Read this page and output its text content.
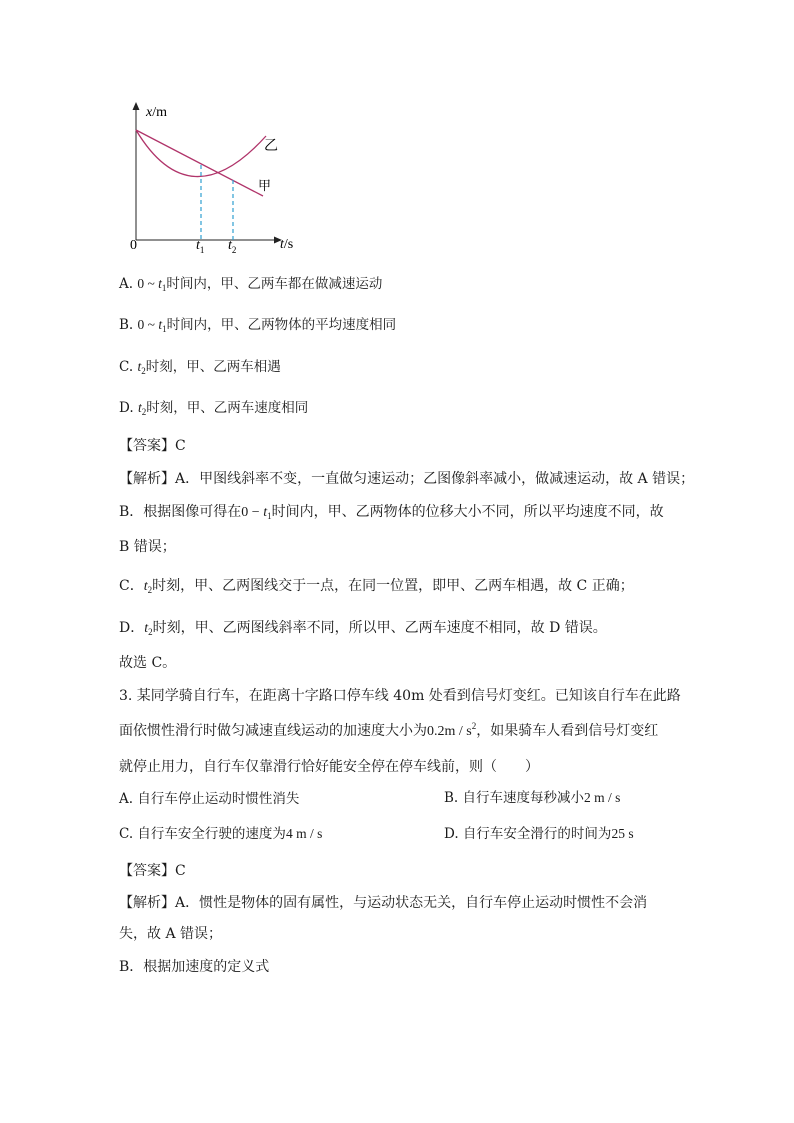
x/m
t/s
0	$t_1$ $t_2$
乙
甲
A. 0 ~ $t_1$时间内，甲、乙两车都在做减速运动
B. 0 ~ $t_1$时间内，甲、乙两物体的平均速度相同
C. $t_2$时刻，甲、乙两车相遇
D. $t_2$时刻，甲、乙两车速度相同
【答案】C
【解析】A．甲图线斜率不变，一直做匀速运动；乙图像斜率减小，做减速运动，故 A 错误；
B．根据图像可得在$0 - t_1$时间内，甲、乙两物体的位移大小不同，所以平均速度不同，故
B 错误；
C．$t_2$时刻，甲、乙两图线交于一点，在同一位置，即甲、乙两车相遇，故 C 正确；
D．$t_2$时刻，甲、乙两图线斜率不同，所以甲、乙两车速度不相同，故 D 错误。
故选 C。
3. 某同学骑自行车，在距离十字路口停车线 40m 处看到信号灯变红。已知该自行车在此路
面依惯性滑行时做匀减速直线运动的加速度大小为$0.2m / s^2$，如果骑车人看到信号灯变红
就停止用力，自行车仅靠滑行恰好能安全停在停车线前，则（　　）
A. 自行车停止运动时惯性消失	B. 自行车速度每秒减小2 m / s
C. 自行车安全行驶的速度为4 m / s	D. 自行车安全滑行的时间为25 s
【答案】C
【解析】A．惯性是物体的固有属性，与运动状态无关，自行车停止运动时惯性不会消
失，故 A 错误；
B．根据加速度的定义式
